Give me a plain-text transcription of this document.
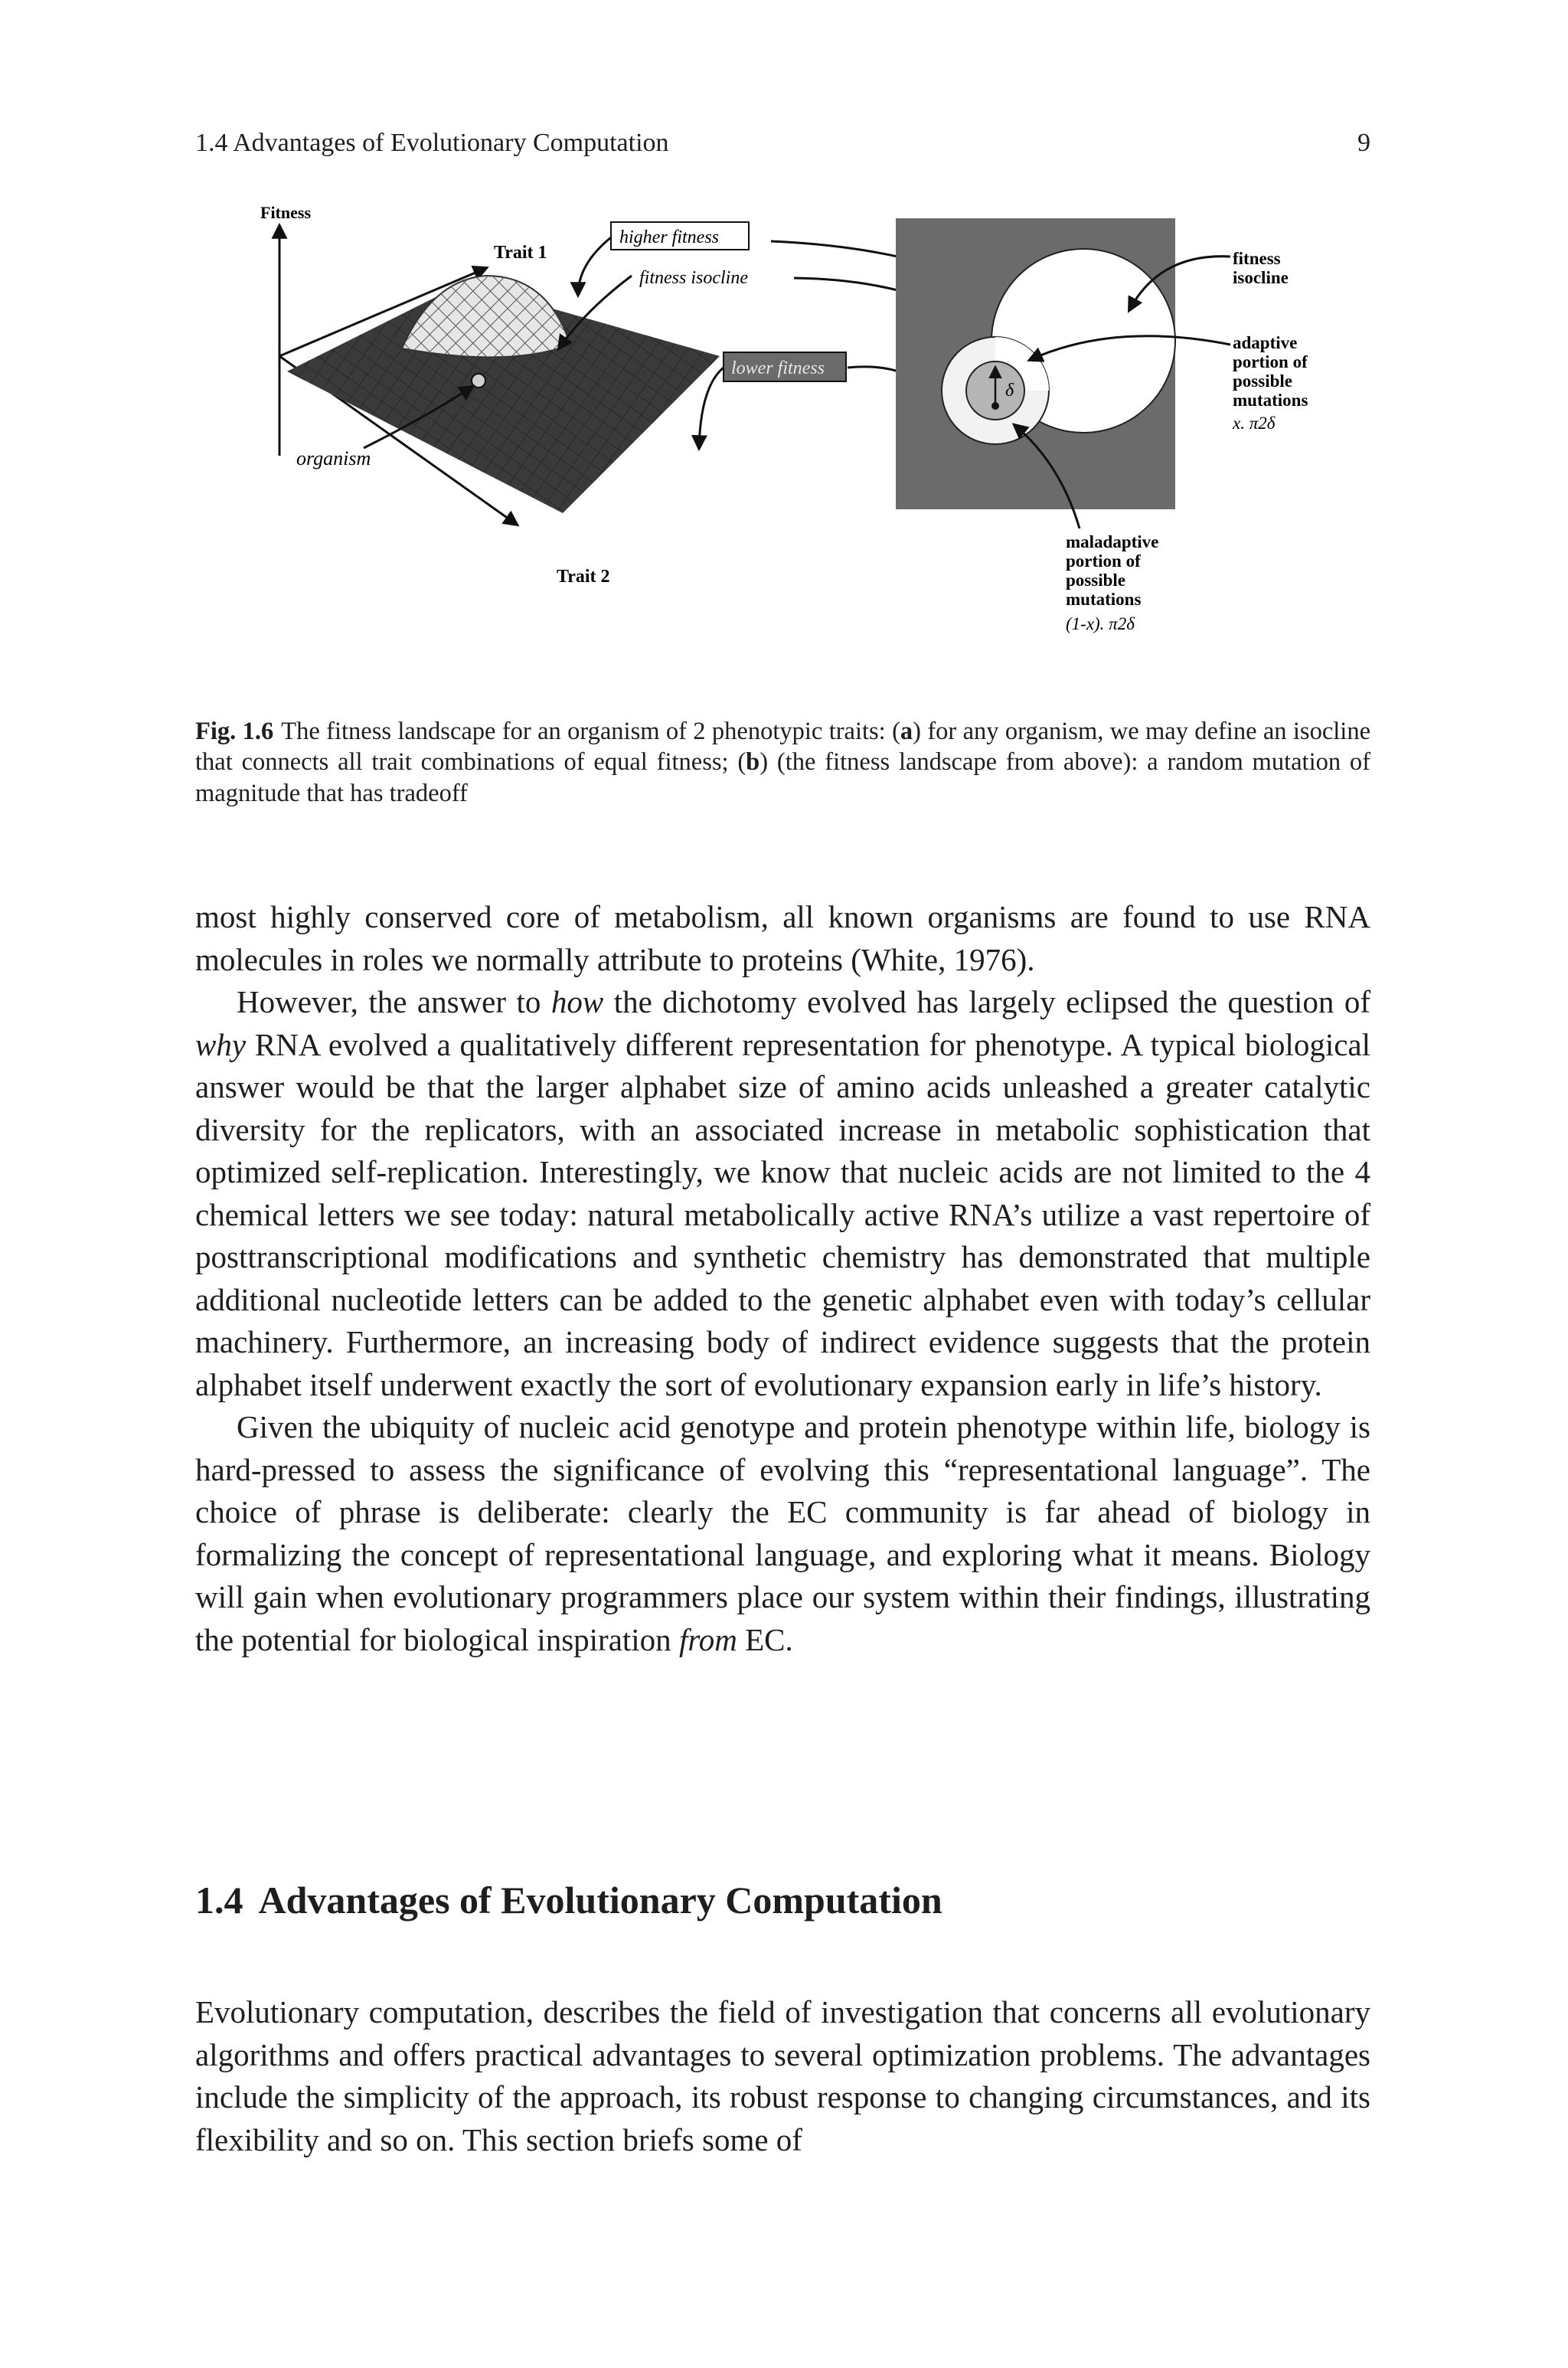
1.4 Advantages of Evolutionary Computation	9
Fitness
Trait 1
Trait 2
organism
higher fitness
fitness isocline
lower fitness
δ
fitness
isocline
adaptive
portion of
possible
mutations
x. π2δ
maladaptive
portion of
possible
mutations
(1-x). π2δ

Fig. 1.6 The fitness landscape for an organism of 2 phenotypic traits: (a) for any organism, we may define an isocline that connects all trait combinations of equal fitness; (b) (the fitness landscape from above): a random mutation of magnitude that has tradeoff

most highly conserved core of metabolism, all known organisms are found to use RNA molecules in roles we normally attribute to proteins (White, 1976).

However, the answer to how the dichotomy evolved has largely eclipsed the question of why RNA evolved a qualitatively different representation for phenotype. A typical biological answer would be that the larger alphabet size of amino acids unleashed a greater catalytic diversity for the replicators, with an associated increase in metabolic sophistication that optimized self-replication. Interestingly, we know that nucleic acids are not limited to the 4 chemical letters we see today: natural metabolically active RNA’s utilize a vast repertoire of posttranscriptional modifications and synthetic chemistry has demonstrated that multiple additional nucleotide letters can be added to the genetic alphabet even with today’s cellular machinery. Furthermore, an increasing body of indirect evidence suggests that the protein alphabet itself underwent exactly the sort of evolutionary expansion early in life’s history.

Given the ubiquity of nucleic acid genotype and protein phenotype within life, biology is hard-pressed to assess the significance of evolving this “representational language”. The choice of phrase is deliberate: clearly the EC community is far ahead of biology in formalizing the concept of representational language, and exploring what it means. Biology will gain when evolutionary programmers place our system within their findings, illustrating the potential for biological inspiration from EC.

1.4 Advantages of Evolutionary Computation

Evolutionary computation, describes the field of investigation that concerns all evolutionary algorithms and offers practical advantages to several optimization problems. The advantages include the simplicity of the approach, its robust response to changing circumstances, and its flexibility and so on. This section briefs some of
